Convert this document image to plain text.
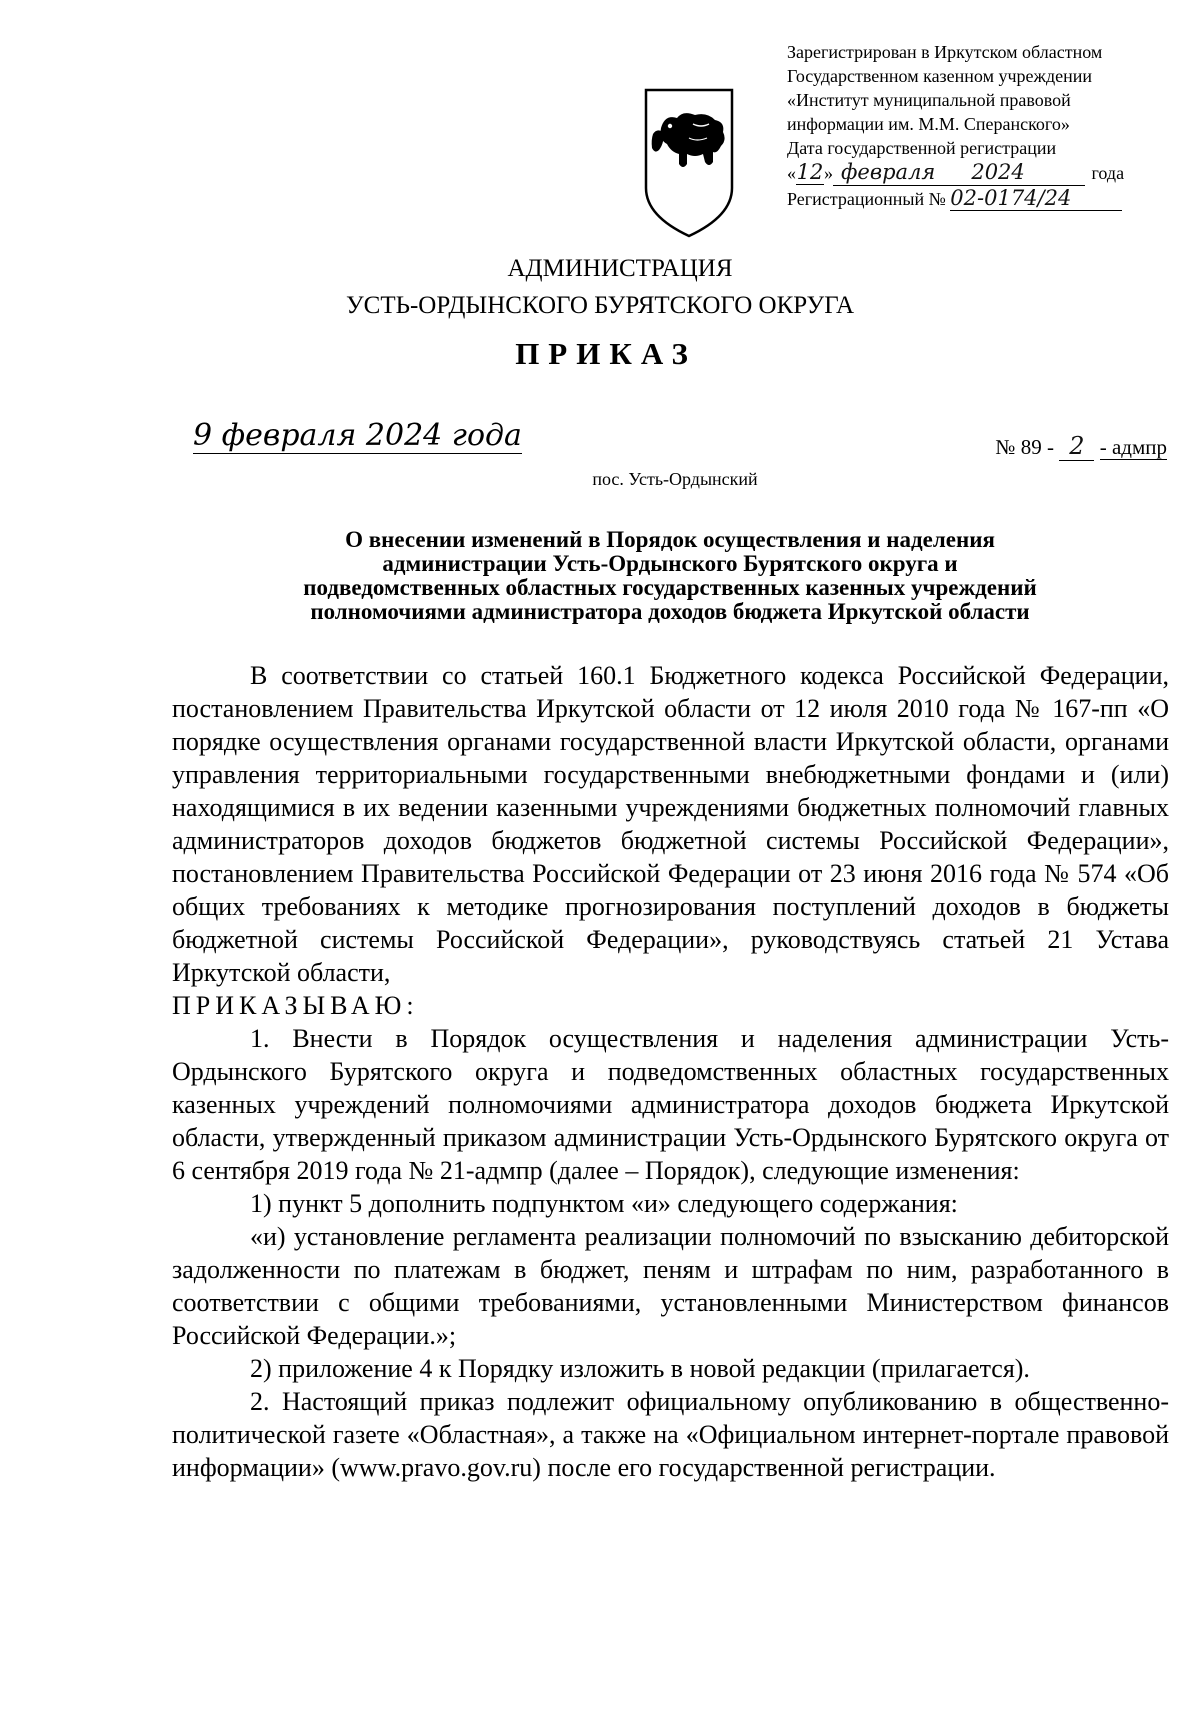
Зарегистрирован в Иркутском областном
Государственном казенном учреждении
«Институт муниципальной правовой
информации им. М.М. Сперанского»
Дата государственной регистрации
«12» февраля 2024	года
Регистрационный № 02-0174/24
АДМИНИСТРАЦИЯ
УСТЬ-ОРДЫНСКОГО БУРЯТСКОГО ОКРУГА
ПРИКАЗ
9 февраля 2024 года	№ 89 - 2 - адмпр
пос. Усть-Ордынский
О внесении изменений в Порядок осуществления и наделения
администрации Усть-Ордынского Бурятского округа и
подведомственных областных государственных казенных учреждений
полномочиями администратора доходов бюджета Иркутской области

В соответствии со статьей 160.1 Бюджетного кодекса Российской Федерации, постановлением Правительства Иркутской области от 12 июля 2010 года № 167-пп «О порядке осуществления органами государственной власти Иркутской области, органами управления территориальными государственными внебюджетными фондами и (или) находящимися в их ведении казенными учреждениями бюджетных полномочий главных администраторов доходов бюджетов бюджетной системы Российской Федерации», постановлением Правительства Российской Федерации от 23 июня 2016 года № 574 «Об общих требованиях к методике прогнозирования поступлений доходов в бюджеты бюджетной системы Российской Федерации», руководствуясь статьей 21 Устава Иркутской области,

ПРИКАЗЫВАЮ:

1. Внести в Порядок осуществления и наделения администрации Усть-Ордынского Бурятского округа и подведомственных областных государственных казенных учреждений полномочиями администратора доходов бюджета Иркутской области, утвержденный приказом администрации Усть-Ордынского Бурятского округа от 6 сентября 2019 года № 21-адмпр (далее – Порядок), следующие изменения:

1) пункт 5 дополнить подпунктом «и» следующего содержания:

«и) установление регламента реализации полномочий по взысканию дебиторской задолженности по платежам в бюджет, пеням и штрафам по ним, разработанного в соответствии с общими требованиями, установленными Министерством финансов Российской Федерации.»;

2) приложение 4 к Порядку изложить в новой редакции (прилагается).

2. Настоящий приказ подлежит официальному опубликованию в общественно-политической газете «Областная», а также на «Официальном интернет-портале правовой информации» (www.pravo.gov.ru) после его государственной регистрации.
